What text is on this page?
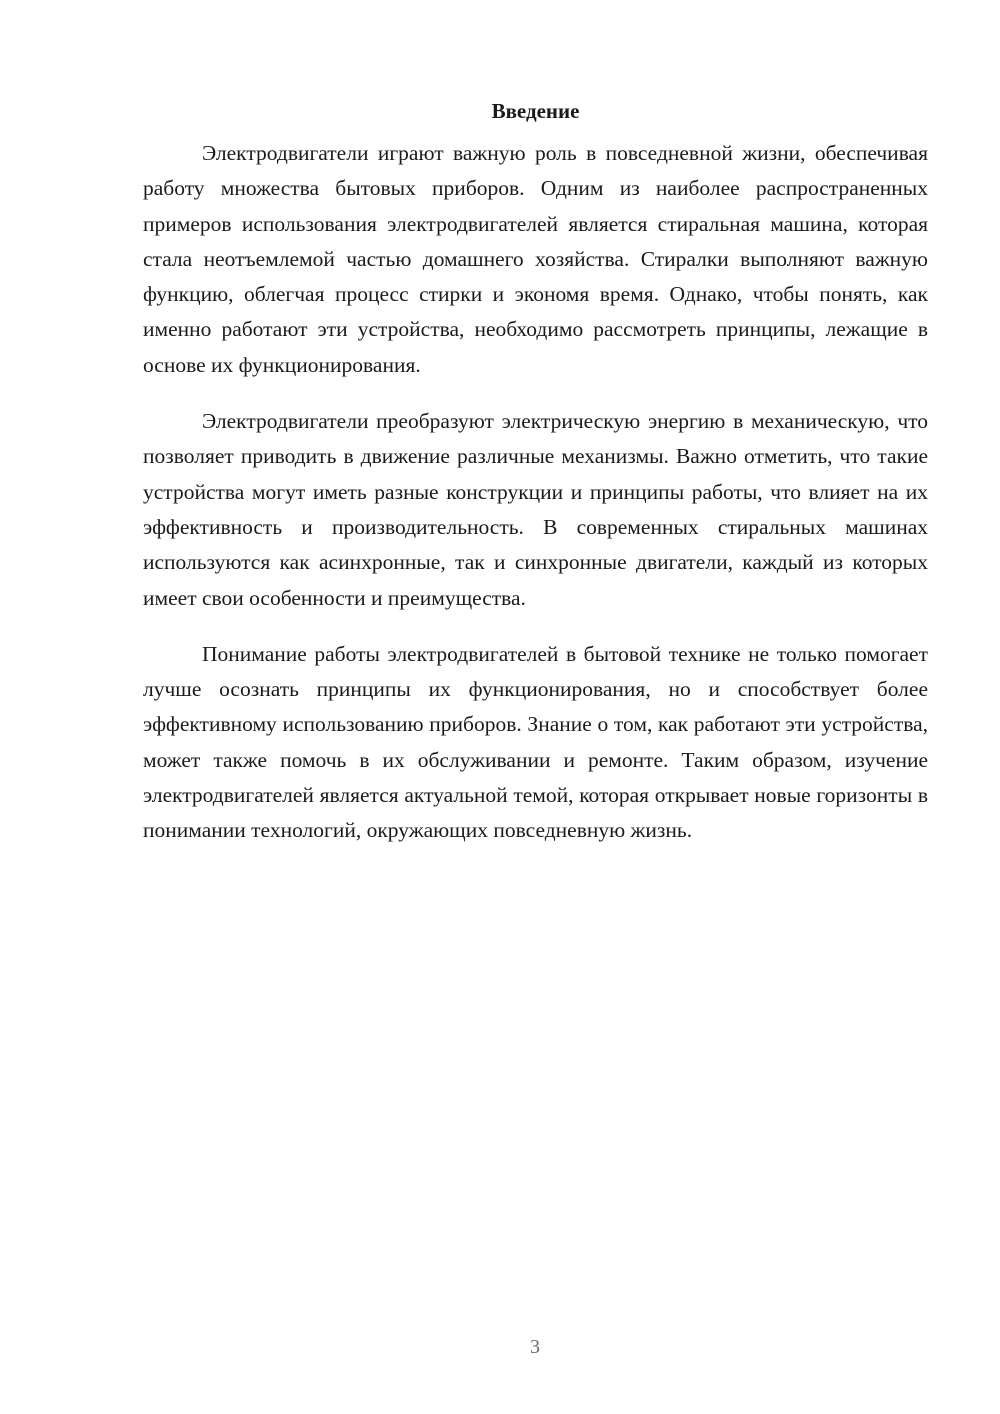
Введение

Электродвигатели играют важную роль в повседневной жизни, обеспечивая работу множества бытовых приборов. Одним из наиболее распространенных примеров использования электродвигателей является стиральная машина, которая стала неотъемлемой частью домашнего хозяйства. Стиралки выполняют важную функцию, облегчая процесс стирки и экономя время. Однако, чтобы понять, как именно работают эти устройства, необходимо рассмотреть принципы, лежащие в основе их функционирования.

Электродвигатели преобразуют электрическую энергию в механическую, что позволяет приводить в движение различные механизмы. Важно отметить, что такие устройства могут иметь разные конструкции и принципы работы, что влияет на их эффективность и производительность. В современных стиральных машинах используются как асинхронные, так и синхронные двигатели, каждый из которых имеет свои особенности и преимущества.

Понимание работы электродвигателей в бытовой технике не только помогает лучше осознать принципы их функционирования, но и способствует более эффективному использованию приборов. Знание о том, как работают эти устройства, может также помочь в их обслуживании и ремонте. Таким образом, изучение электродвигателей является актуальной темой, которая открывает новые горизонты в понимании технологий, окружающих повседневную жизнь.

3
